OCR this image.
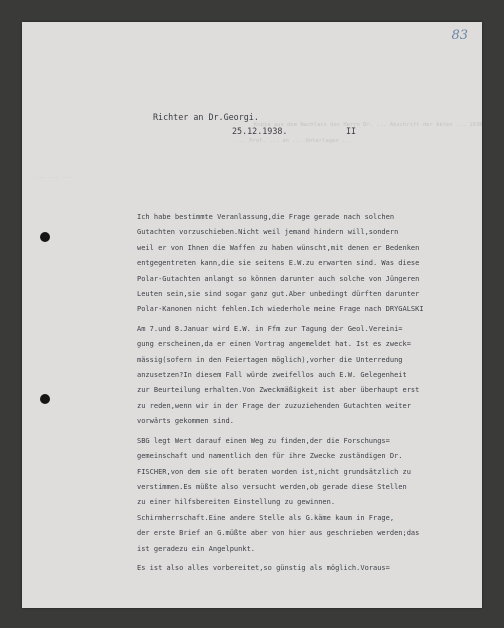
83
Kopie aus dem Nachlass des Herrn Dr. ... Abschrift der Akten ... 1938
... Prof. ... an ... Unterlagen ...
... ... ...
Richter an Dr.Georgi.
25.12.1938.	II

Ich habe bestimmte Veranlassung,die Frage gerade nach solchen
Gutachten vorzuschieben.Nicht weil jemand hindern will,sondern
weil er von Ihnen die Waffen zu haben wünscht,mit denen er Bedenken
entgegentreten kann,die sie seitens E.W.zu erwarten sind. Was diese
Polar-Gutachten anlangt so können darunter auch solche von Jüngeren
Leuten sein,sie sind sogar ganz gut.Aber unbedingt dürften darunter
Polar-Kanonen nicht fehlen.Ich wiederhole meine Frage nach DRYGALSKI

Am 7.und 8.Januar wird E.W. in Ffm zur Tagung der Geol.Vereini=
gung erscheinen,da er einen Vortrag angemeldet hat. Ist es zweck=
mässig(sofern in den Feiertagen möglich),vorher die Unterredung
anzusetzen?In diesem Fall würde zweifellos auch E.W. Gelegenheit
zur Beurteilung erhalten.Von Zweckmäßigkeit ist aber überhaupt erst
zu reden,wenn wir in der Frage der zuzuziehenden Gutachten weiter
vorwärts gekommen sind.

SBG legt Wert darauf einen Weg zu finden,der die Forschungs=
gemeinschaft und namentlich den für ihre Zwecke zuständigen Dr.
FISCHER,von dem sie oft beraten worden ist,nicht grundsätzlich zu
verstimmen.Es müßte also versucht werden,ob gerade diese Stellen
zu einer hilfsbereiten Einstellung zu gewinnen.
Schirmherrschaft.Eine andere Stelle als G.käme kaum in Frage,
der erste Brief an G.müßte aber von hier aus geschrieben werden;das
ist geradezu ein Angelpunkt.

Es ist also alles vorbereitet,so günstig als möglich.Voraus=
